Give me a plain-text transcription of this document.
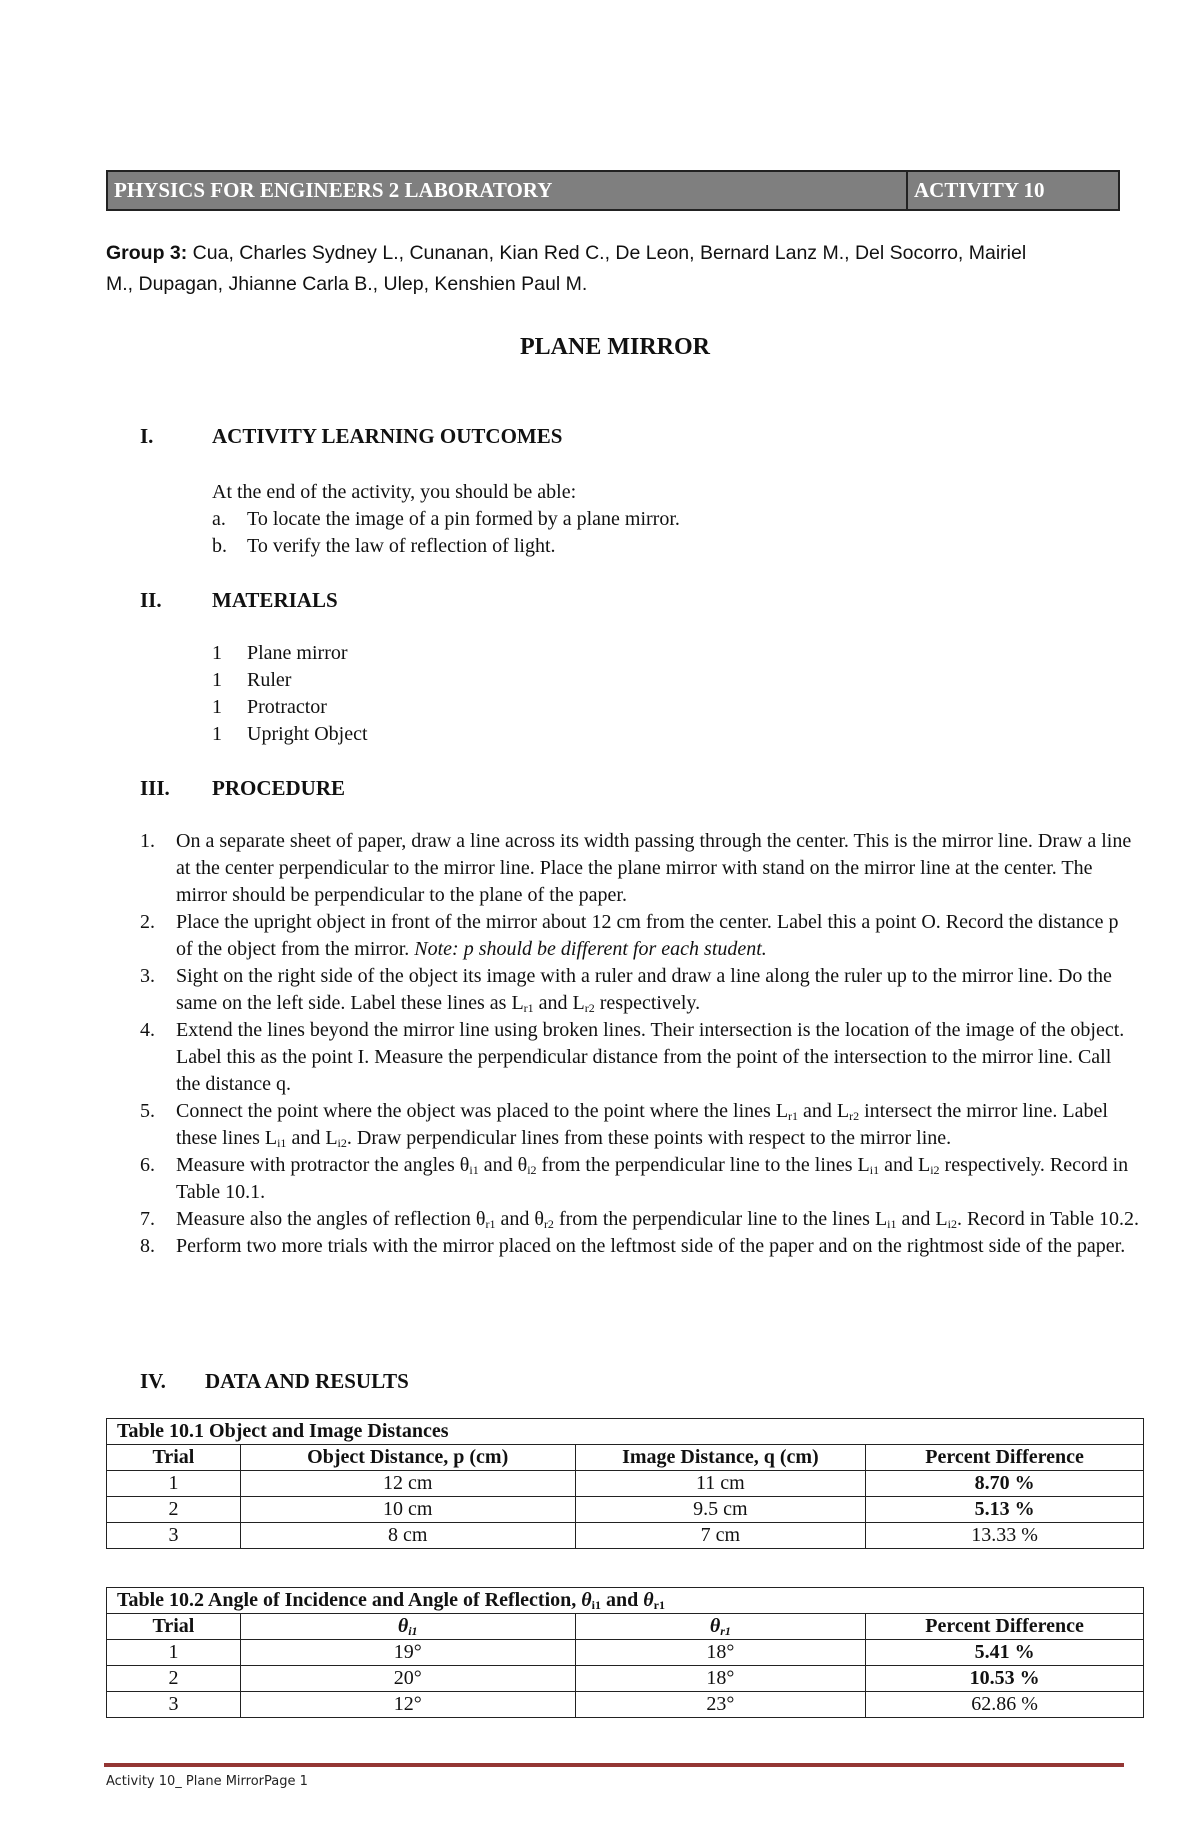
PHYSICS FOR ENGINEERS 2 LABORATORY	ACTIVITY 10
Group 3: Cua, Charles Sydney L., Cunanan, Kian Red C., De Leon, Bernard Lanz M., Del Socorro, Mairiel
M., Dupagan, Jhianne Carla B., Ulep, Kenshien Paul M.
PLANE MIRROR
I.	ACTIVITY LEARNING OUTCOMES
At the end of the activity, you should be able:
a. To locate the image of a pin formed by a plane mirror.
b. To verify the law of reflection of light.
II. MATERIALS
1 Plane mirror
1 Ruler
1 Protractor
1 Upright Object
III. PROCEDURE
1. On a separate sheet of paper, draw a line across its width passing through the center. This is the mirror line. Draw a line at the center perpendicular to the mirror line. Place the plane mirror with stand on the mirror line at the center. The mirror should be perpendicular to the plane of the paper.
2. Place the upright object in front of the mirror about 12 cm from the center. Label this a point O. Record the distance p of the object from the mirror. Note: p should be different for each student.
3. Sight on the right side of the object its image with a ruler and draw a line along the ruler up to the mirror line. Do the same on the left side. Label these lines as $L_{r1}$ and $L_{r2}$ respectively.
4. Extend the lines beyond the mirror line using broken lines. Their intersection is the location of the image of the object. Label this as the point I. Measure the perpendicular distance from the point of the intersection to the mirror line. Call the distance q.
5. Connect the point where the object was placed to the point where the lines $L_{r1}$ and $L_{r2}$ intersect the mirror line. Label these lines $L_{i1}$ and $L_{i2}$. Draw perpendicular lines from these points with respect to the mirror line.
6. Measure with protractor the angles $\theta_{i1}$ and $\theta_{i2}$ from the perpendicular line to the lines $L_{i1}$ and $L_{i2}$ respectively. Record in Table 10.1.
7. Measure also the angles of reflection $\theta_{r1}$ and $\theta_{r2}$ from the perpendicular line to the lines $L_{i1}$ and $L_{i2}$. Record in Table 10.2.
8. Perform two more trials with the mirror placed on the leftmost side of the paper and on the rightmost side of the paper.
IV. DATA AND RESULTS
Table 10.1 Object and Image Distances			
Trial	Object Distance, p (cm)	Image Distance, q (cm)	Percent Difference
1	12 cm	11 cm	8.70 %
2	10 cm	9.5 cm	5.13 %
3	8 cm	7 cm	13.33 %
Table 10.2 Angle of Incidence and Angle of Reflection, $\theta_{i1}$ and $\theta_{r1}$
Trial	$\theta_{i1}$	$\theta_{r1}$	Percent Difference
1	19°	18°	5.41 %
2	20°	18°	10.53 %
3	12°	23°	62.86 %
Activity 10_ Plane MirrorPage 1
